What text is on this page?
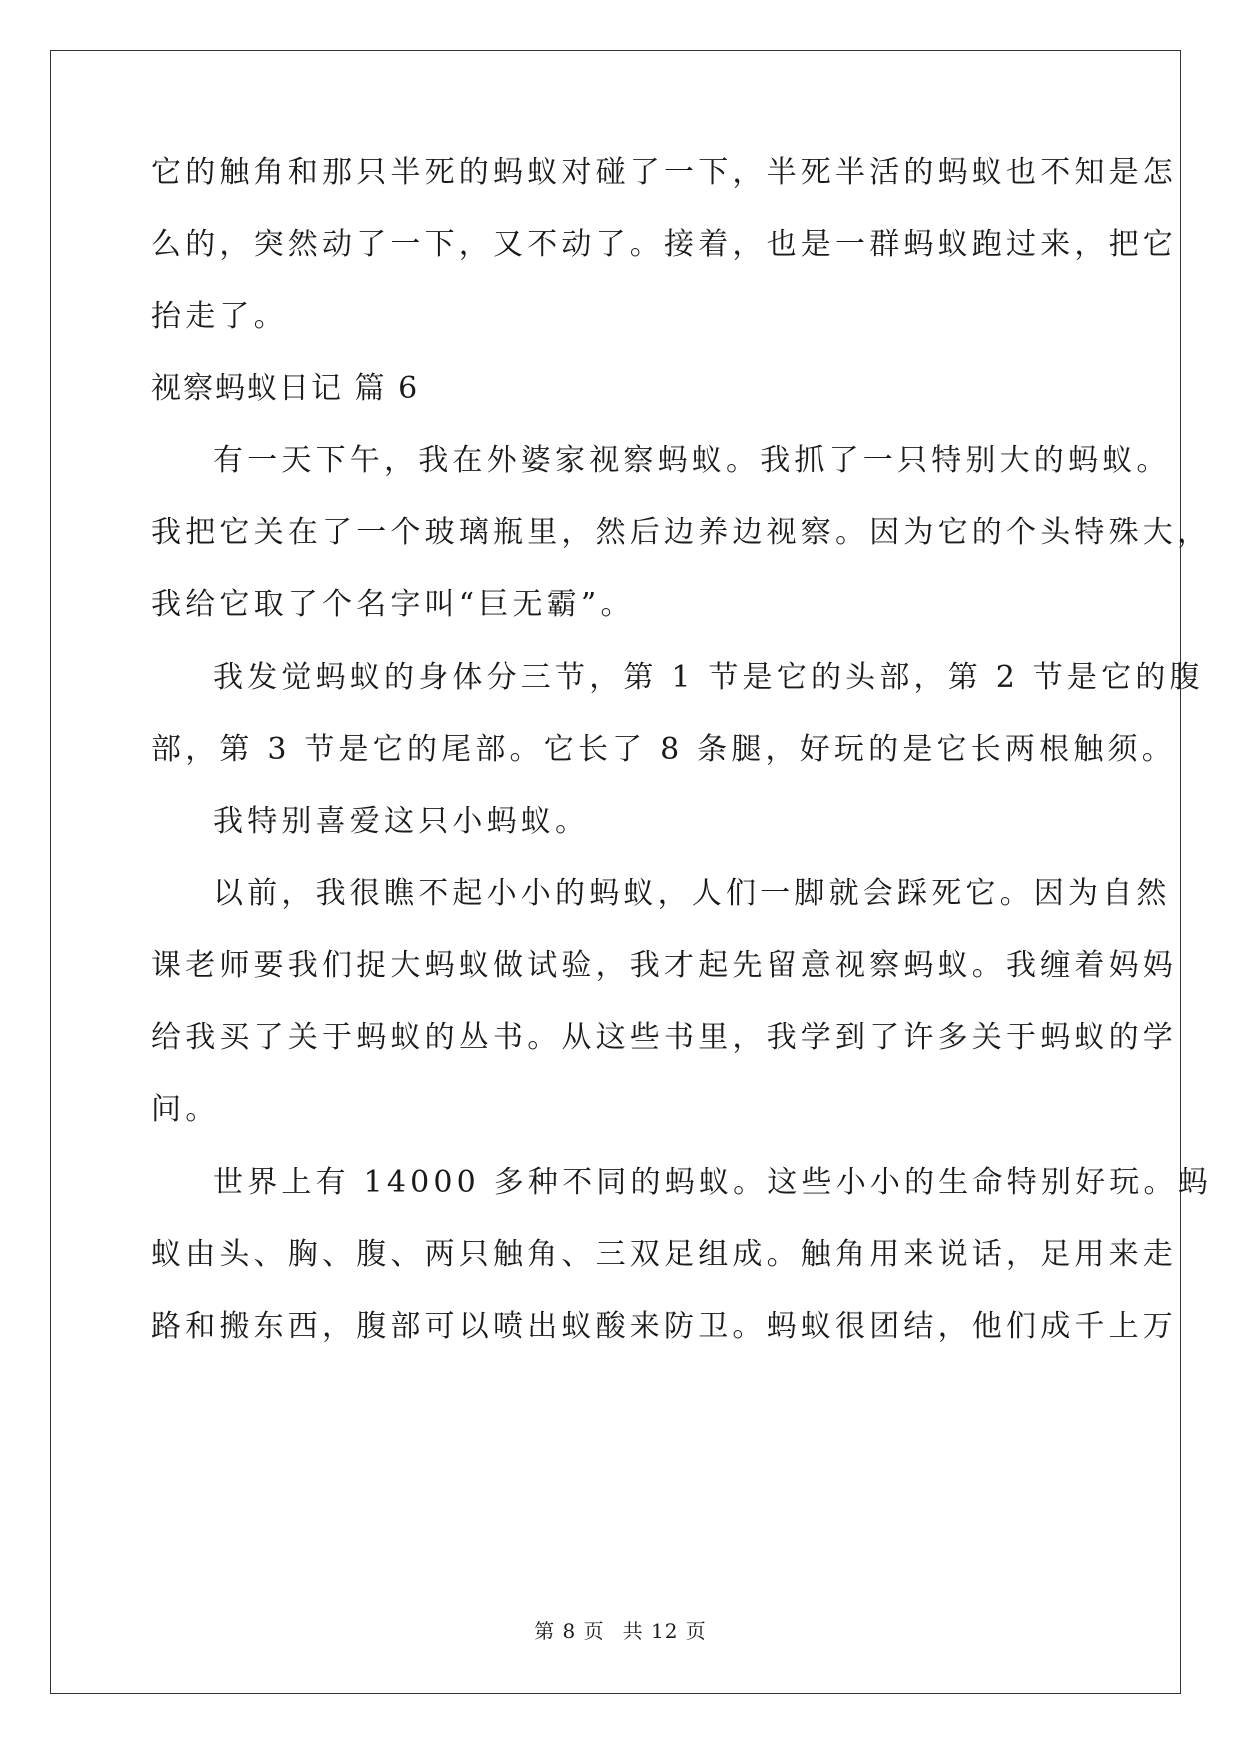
它的触角和那只半死的蚂蚁对碰了一下，半死半活的蚂蚁也不知是怎
么的，突然动了一下，又不动了。接着，也是一群蚂蚁跑过来，把它
抬走了。
视察蚂蚁日记 篇 6
有一天下午，我在外婆家视察蚂蚁。我抓了一只特别大的蚂蚁。
我把它关在了一个玻璃瓶里，然后边养边视察。因为它的个头特殊大，
我给它取了个名字叫“巨无霸”。
我发觉蚂蚁的身体分三节，第 1 节是它的头部，第 2 节是它的腹
部，第 3 节是它的尾部。它长了 8 条腿，好玩的是它长两根触须。
我特别喜爱这只小蚂蚁。
以前，我很瞧不起小小的蚂蚁，人们一脚就会踩死它。因为自然
课老师要我们捉大蚂蚁做试验，我才起先留意视察蚂蚁。我缠着妈妈
给我买了关于蚂蚁的丛书。从这些书里，我学到了许多关于蚂蚁的学
问。
世界上有 14000 多种不同的蚂蚁。这些小小的生命特别好玩。蚂
蚁由头、胸、腹、两只触角、三双足组成。触角用来说话，足用来走
路和搬东西，腹部可以喷出蚁酸来防卫。蚂蚁很团结，他们成千上万
第 8 页 共 12 页
